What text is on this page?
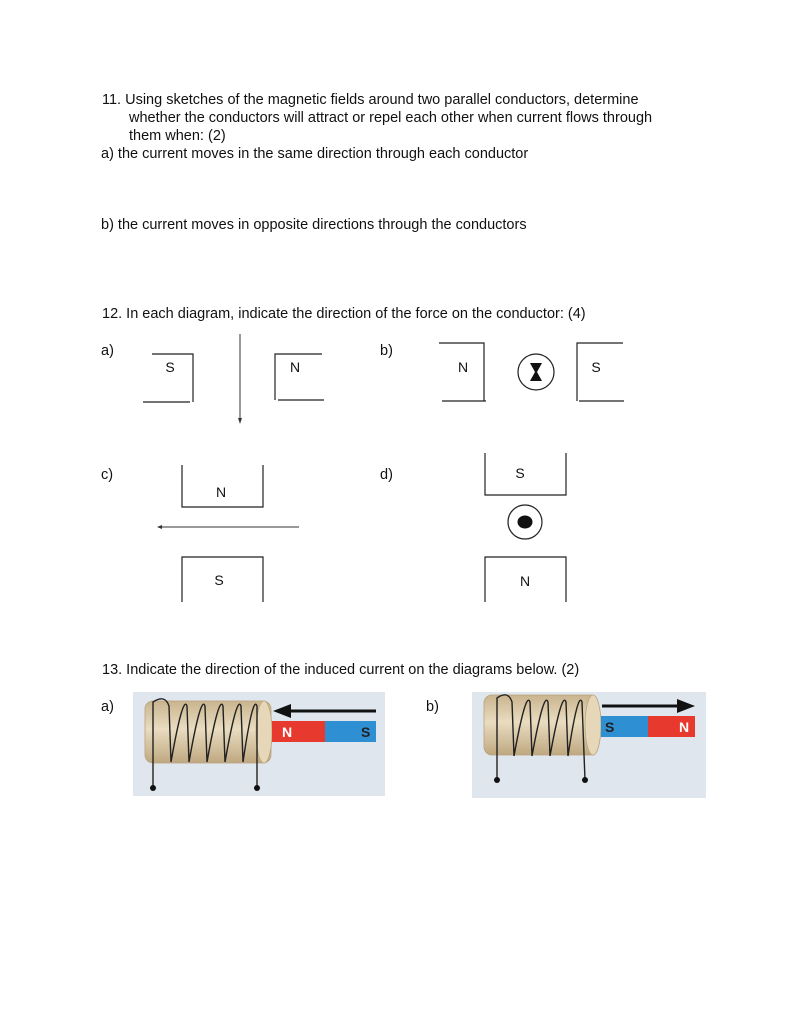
11. Using sketches of the magnetic fields around two parallel conductors, determine
whether the conductors will attract or repel each other when current flows through
them when: (2)
a) the current moves in the same direction through each conductor
b) the current moves in opposite directions through the conductors
12. In each diagram, indicate the direction of the force on the conductor: (4)
a)
S	N
b)
N	S
c)
N
S
d)	S
N
13. Indicate the direction of the induced current on the diagrams below. (2)
a)
N	S
b)
S	N
